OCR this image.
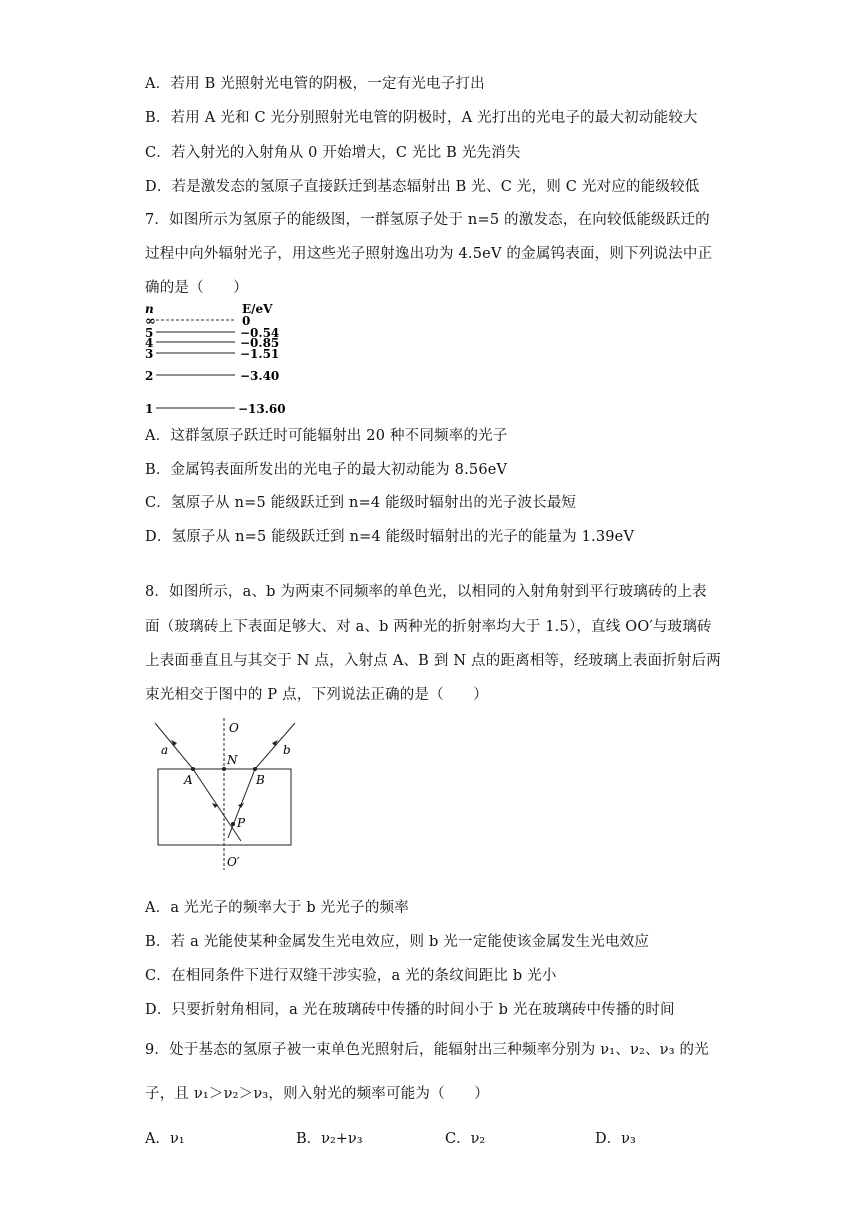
A．若用 B 光照射光电管的阴极，一定有光电子打出
B．若用 A 光和 C 光分别照射光电管的阴极时，A 光打出的光电子的最大初动能较大
C．若入射光的入射角从 0 开始增大，C 光比 B 光先消失
D．若是激发态的氢原子直接跃迁到基态辐射出 B 光、C 光，则 C 光对应的能级较低
7．如图所示为氢原子的能级图，一群氢原子处于 n=5 的激发态，在向较低能级跃迁的
过程中向外辐射光子，用这些光子照射逸出功为 4.5eV 的金属钨表面，则下列说法中正
确的是（　　）
n	E/eV
∞	0
5	−0.54
4	−0.85
3	−1.51
2	−3.40
1	−13.60
A．这群氢原子跃迁时可能辐射出 20 种不同频率的光子
B．金属钨表面所发出的光电子的最大初动能为 8.56eV
C．氢原子从 n=5 能级跃迁到 n=4 能级时辐射出的光子波长最短
D．氢原子从 n=5 能级跃迁到 n=4 能级时辐射出的光子的能量为 1.39eV
8．如图所示，a、b 为两束不同频率的单色光，以相同的入射角射到平行玻璃砖的上表
面（玻璃砖上下表面足够大、对 a、b 两种光的折射率均大于 1.5），直线 OO′与玻璃砖
上表面垂直且与其交于 N 点，入射点 A、B 到 N 点的距离相等，经玻璃上表面折射后两
束光相交于图中的 P 点，下列说法正确的是（　　）
O
O′
N
A	B
P
a	b
A．a 光光子的频率大于 b 光光子的频率
B．若 a 光能使某种金属发生光电效应，则 b 光一定能使该金属发生光电效应
C．在相同条件下进行双缝干涉实验，a 光的条纹间距比 b 光小
D．只要折射角相同，a 光在玻璃砖中传播的时间小于 b 光在玻璃砖中传播的时间
9．处于基态的氢原子被一束单色光照射后，能辐射出三种频率分别为 ν₁、ν₂、ν₃ 的光
子，且 ν₁＞ν₂＞ν₃，则入射光的频率可能为（　　）
A．ν₁	B．ν₂+ν₃	C．ν₂	D．ν₃
